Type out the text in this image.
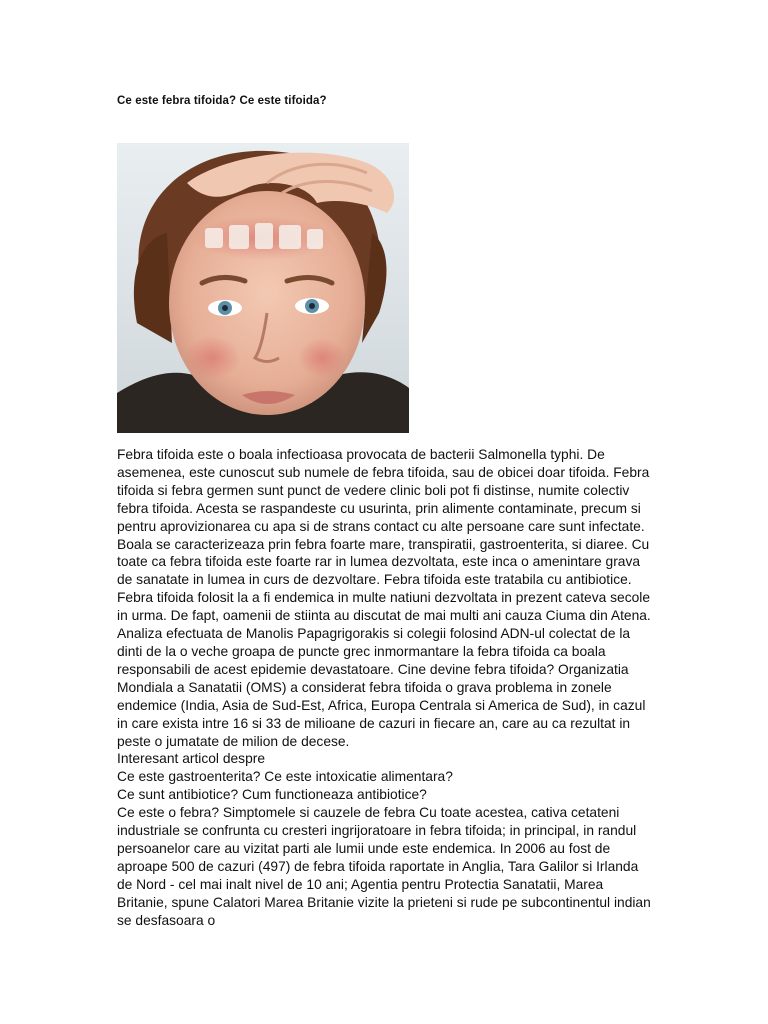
Ce este febra tifoida? Ce este tifoida?

Febra tifoida este o boala infectioasa provocata de bacterii Salmonella typhi. De asemenea, este cunoscut sub numele de febra tifoida, sau de obicei doar tifoida. Febra tifoida si febra germen sunt punct de vedere clinic boli pot fi distinse, numite colectiv febra tifoida. Acesta se raspandeste cu usurinta, prin alimente contaminate, precum si pentru aprovizionarea cu apa si de strans contact cu alte persoane care sunt infectate. Boala se caracterizeaza prin febra foarte mare, transpiratii, gastroenterita, si diaree. Cu toate ca febra tifoida este foarte rar in lumea dezvoltata, este inca o amenintare grava de sanatate in lumea in curs de dezvoltare. Febra tifoida este tratabila cu antibiotice.

Febra tifoida folosit la a fi endemica in multe natiuni dezvoltata in prezent cateva secole in urma. De fapt, oamenii de stiinta au discutat de mai multi ani cauza Ciuma din Atena. Analiza efectuata de Manolis Papagrigorakis si colegii folosind ADN-ul colectat de la dinti de la o veche groapa de puncte grec inmormantare la febra tifoida ca boala responsabili de acest epidemie devastatoare. Cine devine febra tifoida? Organizatia Mondiala a Sanatatii (OMS) a considerat febra tifoida o grava problema in zonele endemice (India, Asia de Sud-Est, Africa, Europa Centrala si America de Sud), in cazul in care exista intre 16 si 33 de milioane de cazuri in fiecare an, care au ca rezultat in peste o jumatate de milion de decese.

Interesant articol despre

Ce este gastroenterita? Ce este intoxicatie alimentara?

Ce sunt antibiotice? Cum functioneaza antibiotice?

Ce este o febra? Simptomele si cauzele de febra Cu toate acestea, cativa cetateni industriale se confrunta cu cresteri ingrijoratoare in febra tifoida; in principal, in randul persoanelor care au vizitat parti ale lumii unde este endemica. In 2006 au fost de aproape 500 de cazuri (497) de febra tifoida raportate in Anglia, Tara Galilor si Irlanda de Nord - cel mai inalt nivel de 10 ani; Agentia pentru Protectia Sanatatii, Marea Britanie, spune Calatori Marea Britanie vizite la prieteni si rude pe subcontinentul indian se desfasoara o
